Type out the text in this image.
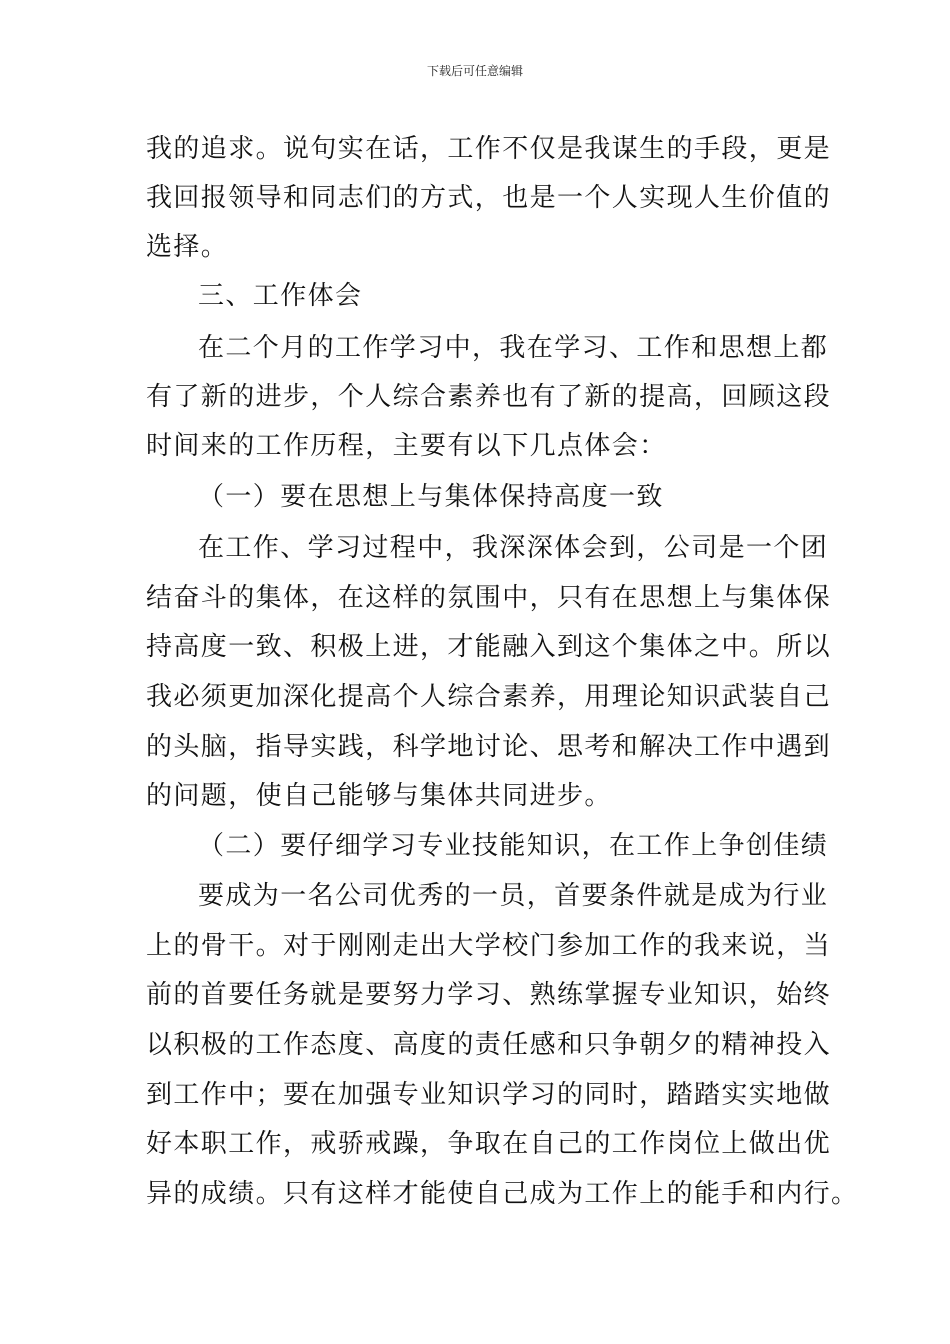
下载后可任意编辑
我的追求。说句实在话，工作不仅是我谋生的手段，更是
我回报领导和同志们的方式，也是一个人实现人生价值的
选择。
三、工作体会
在二个月的工作学习中，我在学习、工作和思想上都
有了新的进步，个人综合素养也有了新的提高，回顾这段
时间来的工作历程，主要有以下几点体会：
（一）要在思想上与集体保持高度一致
在工作、学习过程中，我深深体会到，公司是一个团
结奋斗的集体，在这样的氛围中，只有在思想上与集体保
持高度一致、积极上进，才能融入到这个集体之中。所以
我必须更加深化提高个人综合素养，用理论知识武装自己
的头脑，指导实践，科学地讨论、思考和解决工作中遇到
的问题，使自己能够与集体共同进步。
（二）要仔细学习专业技能知识，在工作上争创佳绩
要成为一名公司优秀的一员，首要条件就是成为行业
上的骨干。对于刚刚走出大学校门参加工作的我来说，当
前的首要任务就是要努力学习、熟练掌握专业知识，始终
以积极的工作态度、高度的责任感和只争朝夕的精神投入
到工作中；要在加强专业知识学习的同时，踏踏实实地做
好本职工作，戒骄戒躁，争取在自己的工作岗位上做出优
异的成绩。只有这样才能使自己成为工作上的能手和内行。
